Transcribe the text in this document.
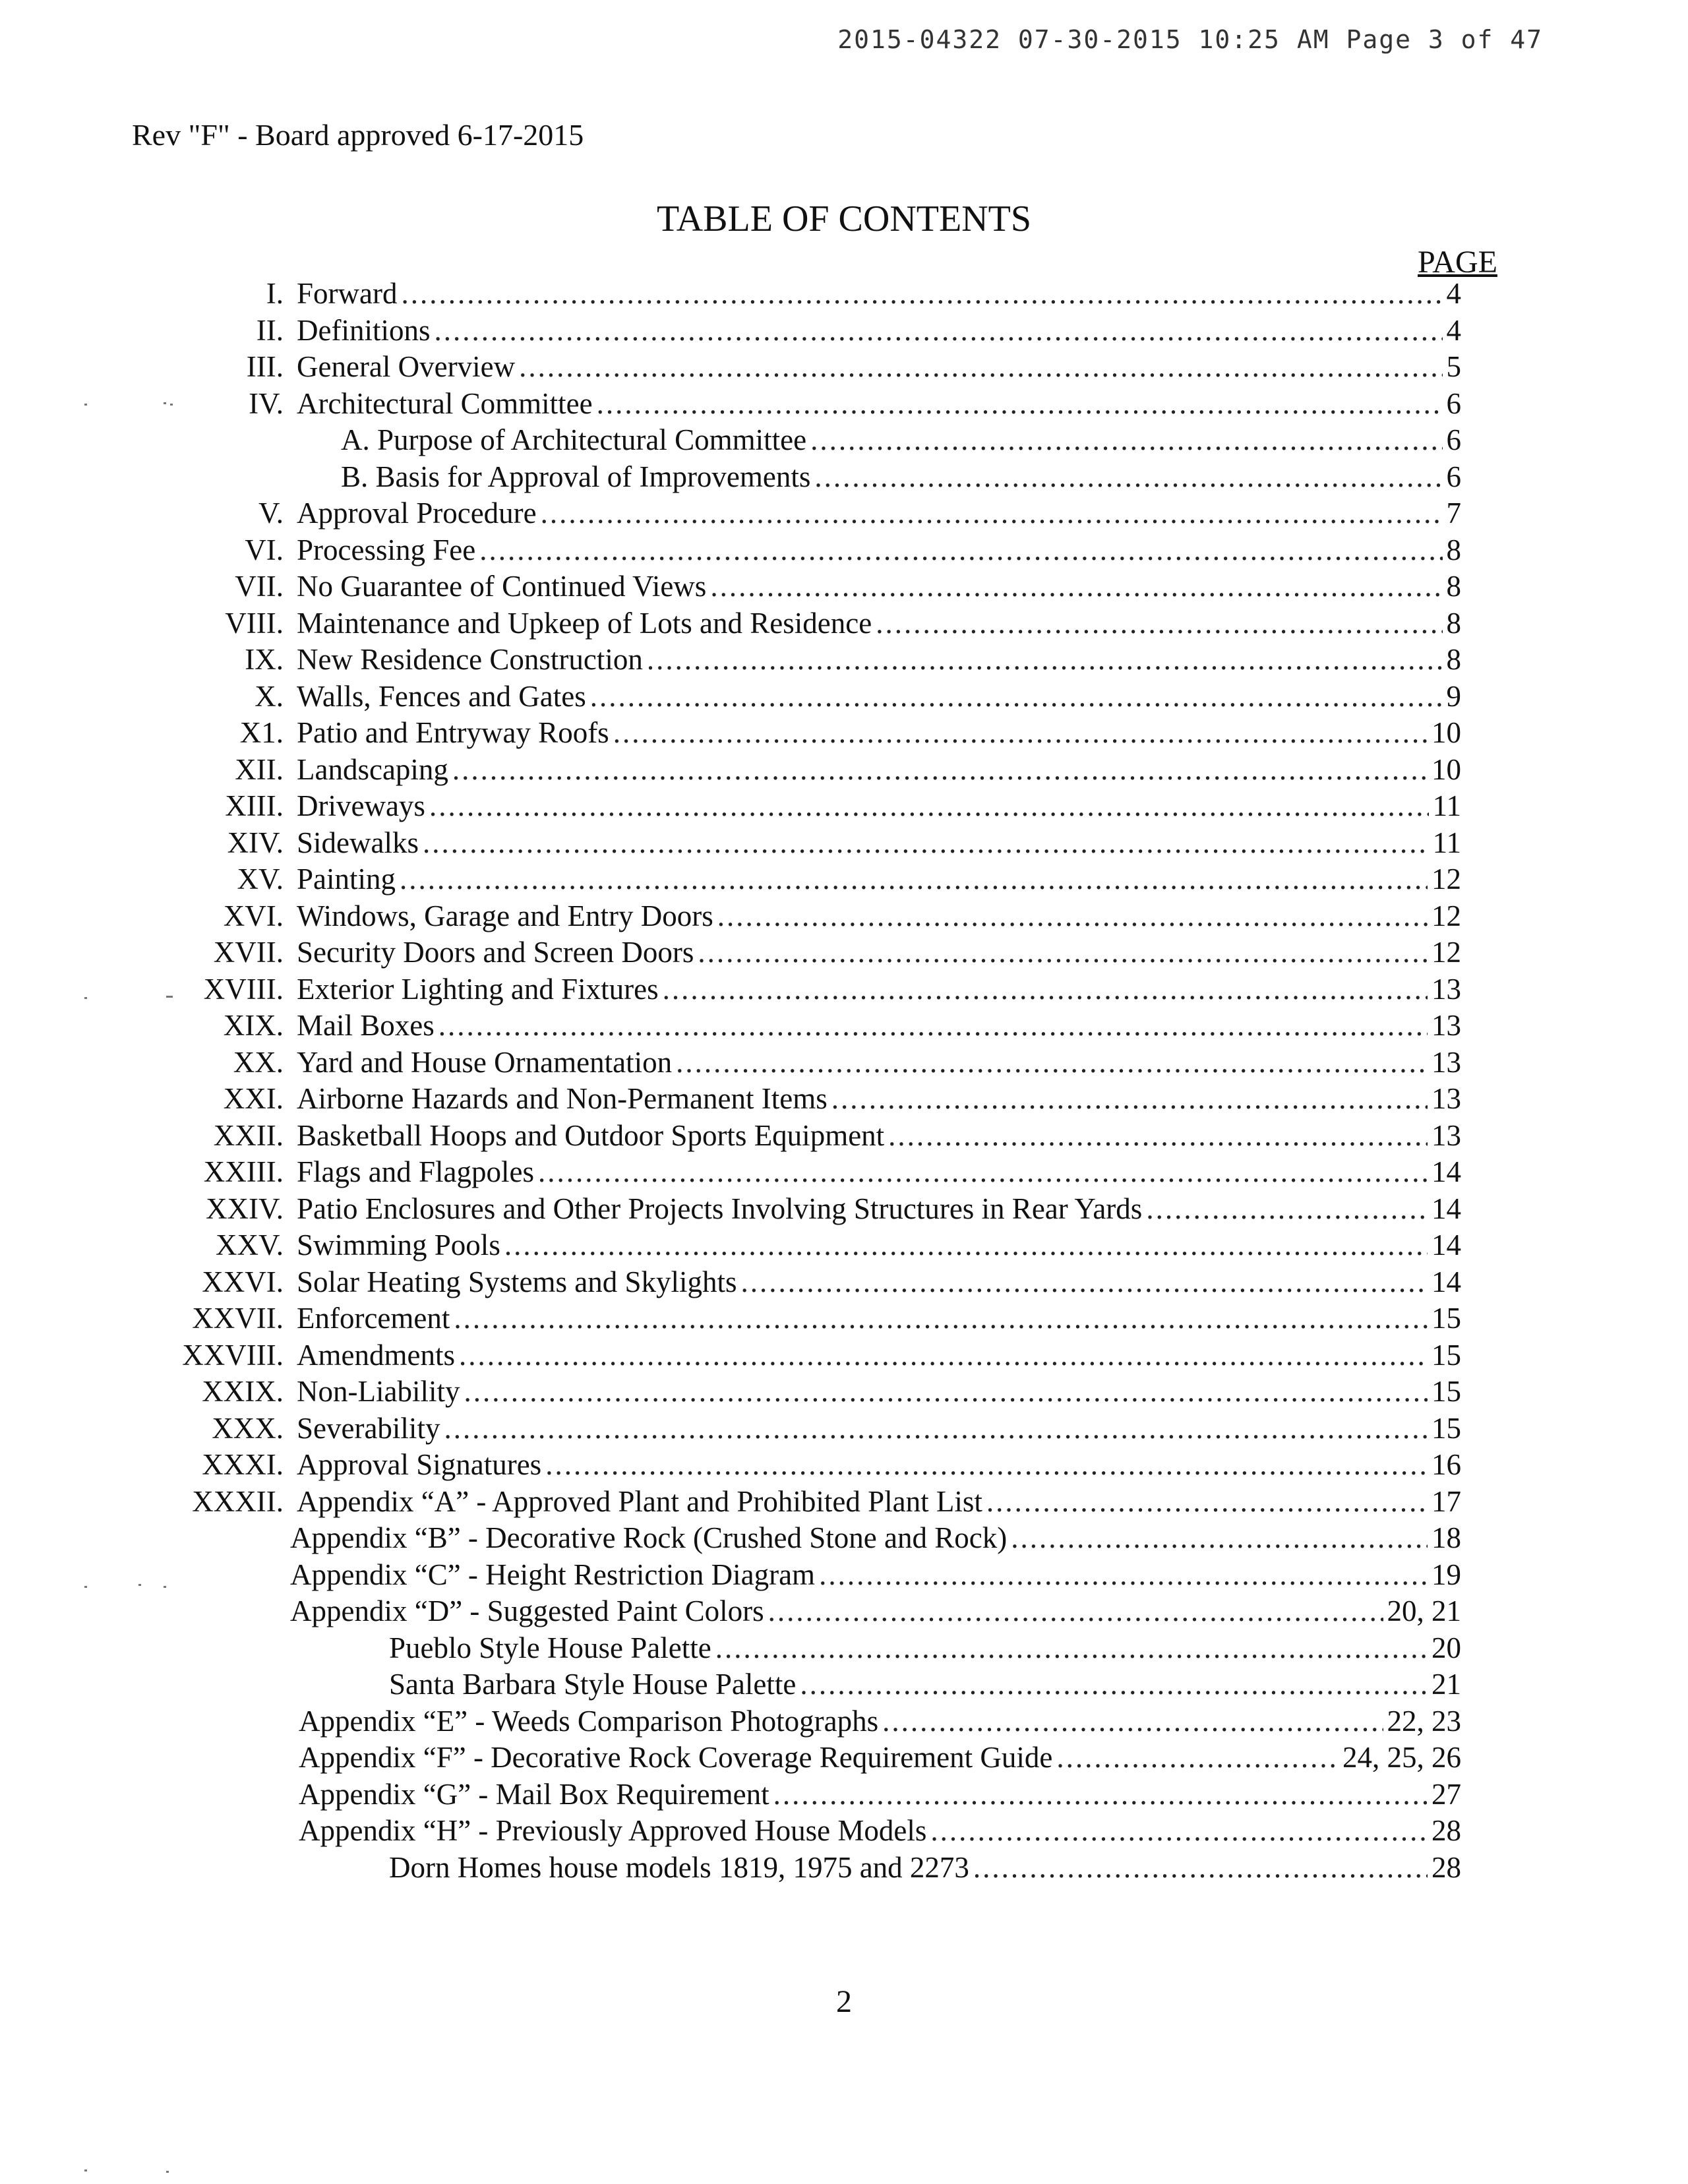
2015-04322 07-30-2015 10:25 AM Page 3 of 47
Rev "F" - Board approved 6-17-2015
TABLE OF CONTENTS
PAGE
I. Forward .....	4
II. Definitions .....	4
III. General Overview .....	5
IV. Architectural Committee .....	6
A. Purpose of Architectural Committee .....	6
B. Basis for Approval of Improvements .....	6
V. Approval Procedure .....	7
VI. Processing Fee .....	8
VII. No Guarantee of Continued Views .....	8
VIII. Maintenance and Upkeep of Lots and Residence .....	8
IX. New Residence Construction .....	8
X. Walls, Fences and Gates .....	9
X1. Patio and Entryway Roofs .....	10
XII. Landscaping .....	10
XIII. Driveways .....	11
XIV. Sidewalks .....	11
XV. Painting .....	12
XVI. Windows, Garage and Entry Doors .....	12
XVII. Security Doors and Screen Doors .....	12
XVIII. Exterior Lighting and Fixtures .....	13
XIX. Mail Boxes .....	13
XX. Yard and House Ornamentation .....	13
XXI. Airborne Hazards and Non-Permanent Items .....	13
XXII. Basketball Hoops and Outdoor Sports Equipment .....	13
XXIII. Flags and Flagpoles .....	14
XXIV. Patio Enclosures and Other Projects Involving Structures in Rear Yards .....	14
XXV. Swimming Pools .....	14
XXVI. Solar Heating Systems and Skylights .....	14
XXVII. Enforcement .....	15
XXVIII. Amendments .....	15
XXIX. Non-Liability .....	15
XXX. Severability .....	15
XXXI. Approval Signatures .....	16
XXXII. Appendix “A” - Approved Plant and Prohibited Plant List .....	17
Appendix “B” - Decorative Rock (Crushed Stone and Rock) .....	18
Appendix “C” - Height Restriction Diagram .....	19
Appendix “D” - Suggested Paint Colors .....	20, 21
Pueblo Style House Palette .....	20
Santa Barbara Style House Palette .....	21
Appendix “E” - Weeds Comparison Photographs .....	22, 23
Appendix “F” - Decorative Rock Coverage Requirement Guide .....	24, 25, 26
Appendix “G” - Mail Box Requirement .....	27
Appendix “H” - Previously Approved House Models .....	28
Dorn Homes house models 1819, 1975 and 2273 .....	28
2
